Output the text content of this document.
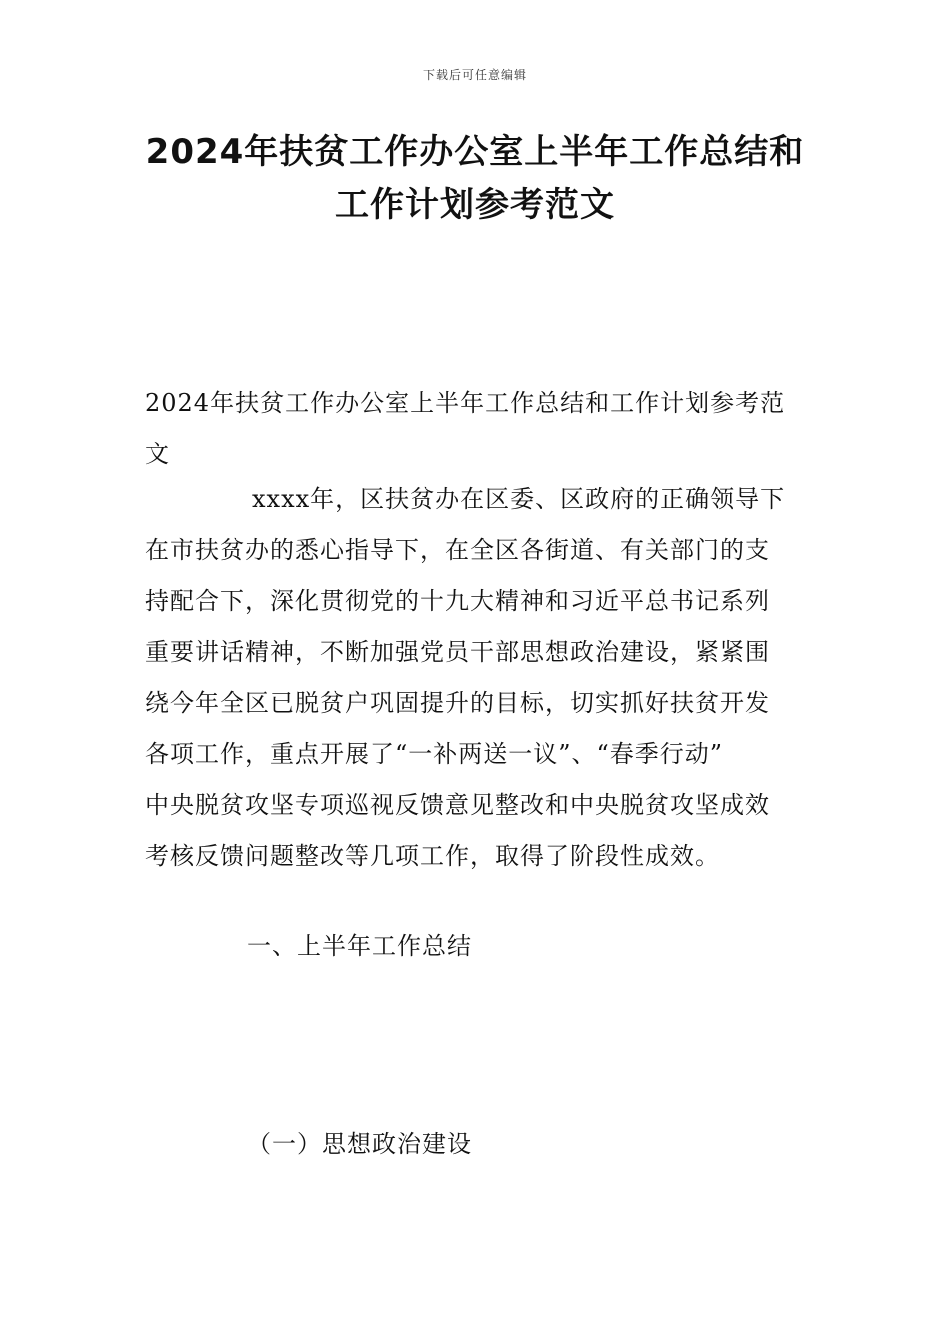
下载后可任意编辑
2024年扶贫工作办公室上半年工作总结和
工作计划参考范文

2024年扶贫工作办公室上半年工作总结和工作计划参考范文

xxxx年，区扶贫办在区委、区政府的正确领导下
在市扶贫办的悉心指导下，在全区各街道、有关部门的支
持配合下，深化贯彻党的十九大精神和习近平总书记系列
重要讲话精神，不断加强党员干部思想政治建设，紧紧围
绕今年全区已脱贫户巩固提升的目标，切实抓好扶贫开发
各项工作，重点开展了“一补两送一议”、“春季行动”
中央脱贫攻坚专项巡视反馈意见整改和中央脱贫攻坚成效
考核反馈问题整改等几项工作，取得了阶段性成效。
一、上半年工作总结
（一）思想政治建设
